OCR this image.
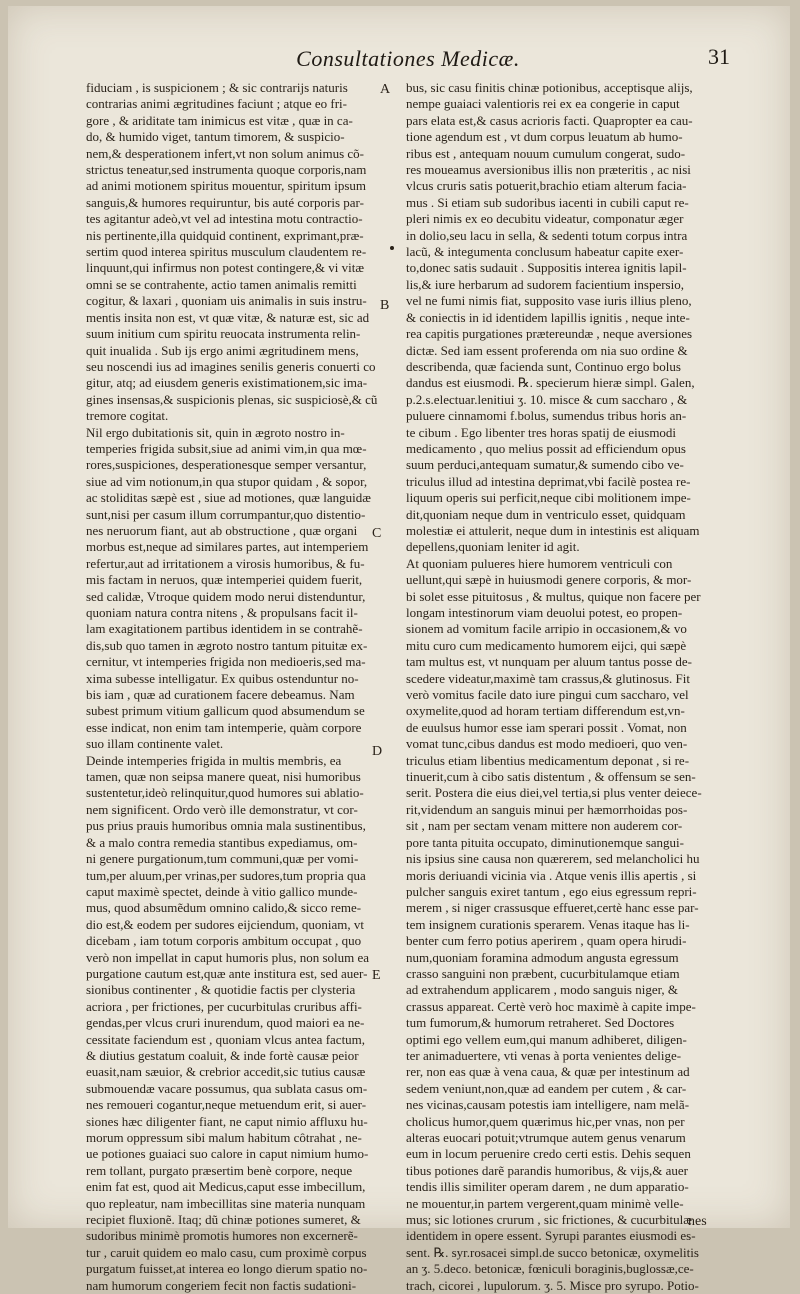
Consultationes Medicæ.	31
fiduciam , is suspicionem ; & sic contrarijs naturis
contrarias animi ægritudines faciunt ; atque eo fri-
gore , & ariditate tam inimicus est vitæ , quæ in ca-
do, & humido viget, tantum timorem, & suspicio-
nem,& desperationem infert,vt non solum animus cõ-
strictus teneatur,sed instrumenta quoque corporis,nam
ad animi motionem spiritus mouentur, spiritum ipsum
sanguis,& humores requiruntur, bis auté corporis par-
tes agitantur adeò,vt vel ad intestina motu contractio-
nis pertinente,illa quidquid continent, exprimant,præ-
sertim quod interea spiritus musculum claudentem re-
linquunt,qui infirmus non potest contingere,& vi vitæ
omni se se contrahente, actio tamen animalis remitti
cogitur, & laxari , quoniam uis animalis in suis instru-
mentis insita non est, vt quæ vitæ, & naturæ est, sic ad
suum initium cum spiritu reuocata instrumenta relin-
quit inualida . Sub ijs ergo animi ægritudinem mens,
seu noscendi ius ad imagines senilis generis conuerti co
gitur, atq; ad eiusdem generis existimationem,sic ima-
gines insensas,& suspicionis plenas, sic suspiciosè,& cũ
tremore cogitat.
Nil ergo dubitationis sit, quin in ægroto nostro in-
temperies frigida subsit,siue ad animi vim,in qua mœ-
rores,suspiciones, desperationesque semper versantur,
siue ad vim notionum,in qua stupor quidam , & sopor,
ac stoliditas sæpè est , siue ad motiones, quæ languidæ
sunt,nisi per casum illum corrumpantur,quo distentio-
nes neruorum fiant, aut ab obstructione , quæ organi
morbus est,neque ad similares partes, aut intemperiem
refertur,aut ad irritationem a virosis humoribus, & fu-
mis factam in neruos, quæ intemperiei quidem fuerit,
sed calidæ, Vtroque quidem modo nerui distenduntur,
quoniam natura contra nitens , & propulsans facit il-
lam exagitationem partibus identidem in se contrahẽ-
dis,sub quo tamen in ægroto nostro tantum pituitæ ex-
cernitur, vt intemperies frigida non medioeris,sed ma-
xima subesse intelligatur. Ex quibus ostenduntur no-
bis iam , quæ ad curationem facere debeamus. Nam
subest primum vitium gallicum quod absumendum se
esse indicat, non enim tam intemperie, quàm corpore
suo illam continente valet.
Deinde intemperies frigida in multis membris, ea
tamen, quæ non seipsa manere queat, nisi humoribus
sustentetur,ideò relinquitur,quod humores sui ablatio-
nem significent. Ordo verò ille demonstratur, vt cor-
pus prius prauis humoribus omnia mala sustinentibus,
& a malo contra remedia stantibus expediamus, om-
ni genere purgationum,tum communi,quæ per vomi-
tum,per aluum,per vrinas,per sudores,tum propria qua
caput maximè spectet, deinde à vitio gallico munde-
mus, quod absumẽdum omnino calido,& sicco reme-
dio est,& eodem per sudores eijciendum, quoniam, vt
dicebam , iam totum corporis ambitum occupat , quo
verò non impellat in caput humoris plus, non solum ea
purgatione cautum est,quæ ante institura est, sed auer-
sionibus continenter , & quotidie factis per clysteria
acriora , per frictiones, per cucurbitulas cruribus affi-
gendas,per vlcus cruri inurendum, quod maiori ea ne-
cessitate faciendum est , quoniam vlcus antea factum,
& diutius gestatum coaluit, & inde fortè causæ peior
euasit,nam sæuior, & crebrior accedit,sic tutius causæ
submouendæ vacare possumus, qua sublata casus om-
nes remoueri cogantur,neque metuendum erit, si auer-
siones hæc diligenter fiant, ne caput nimio affluxu hu-
morum oppressum sibi malum habitum côtrahat , ne-
ue potiones guaiaci suo calore in caput nimium humo-
rem tollant, purgato præsertim benè corpore, neque
enim fat est, quod ait Medicus,caput esse imbecillum,
quo repleatur, nam imbecillitas sine materia nunquam
recipiet fluxionẽ. Itaq; dũ chinæ potiones sumeret, &
sudoribus minimè promotis humores non excernerẽ-
tur , caruit quidem eo malo casu, cum proximè corpus
purgatum fuisset,at interea eo longo dierum spatio no-
nam humorum congeriem fecit non factis sudationi-
bus, sic casu finitis chinæ potionibus, acceptisque alijs,
nempe guaiaci valentioris rei ex ea congerie in caput
pars elata est,& casus acrioris facti. Quapropter ea cau-
tione agendum est , vt dum corpus leuatum ab humo-
ribus est , antequam nouum cumulum congerat, sudo-
res moueamus aversionibus illis non præteritis , ac nisi
vlcus cruris satis potuerit,brachio etiam alterum facia-
mus . Si etiam sub sudoribus iacenti in cubili caput re-
pleri nimis ex eo decubitu videatur, componatur æger
in dolio,seu lacu in sella, & sedenti totum corpus intra
lacũ, & integumenta conclusum habeatur capite exer-
to,donec satis sudauit . Suppositis interea ignitis lapil-
lis,& iure herbarum ad sudorem facientium inspersio,
vel ne fumi nimis fiat, supposito vase iuris illius pleno,
& coniectis in id identidem lapillis ignitis , neque inte-
rea capitis purgationes prætereundæ , neque aversiones
dictæ. Sed iam essent proferenda om nia suo ordine &
describenda, quæ facienda sunt, Continuo ergo bolus
dandus est eiusmodi. ℞. specierum hieræ simpl. Galen,
p.2.s.electuar.lenitiui ʒ. 10. misce & cum saccharo , &
puluere cinnamomi f.bolus, sumendus tribus horis an-
te cibum . Ego libenter tres horas spatij de eiusmodi
medicamento , quo melius possit ad efficiendum opus
suum perduci,antequam sumatur,& sumendo cibo ve-
triculus illud ad intestina deprimat,vbi facilè postea re-
liquum operis sui perficit,neque cibi molitionem impe-
dit,quoniam neque dum in ventriculo esset, quidquam
molestiæ ei attulerit, neque dum in intestinis est aliquam
depellens,quoniam leniter id agit.
At quoniam pulueres hiere humorem ventriculi con
uellunt,qui sæpè in huiusmodi genere corporis, & mor-
bi solet esse pituitosus , & multus, quique non facere per
longam intestinorum viam deuolui potest, eo propen-
sionem ad vomitum facile arripio in occasionem,& vo
mitu curo cum medicamento humorem eijci, qui sæpè
tam multus est, vt nunquam per aluum tantus posse de-
scedere videatur,maximè tam crassus,& glutinosus. Fit
verò vomitus facile dato iure pingui cum saccharo, vel
oxymelite,quod ad horam tertiam differendum est,vn-
de euulsus humor esse iam sperari possit . Vomat, non
vomat tunc,cibus dandus est modo medioeri, quo ven-
triculus etiam libentius medicamentum deponat , si re-
tinuerit,cum à cibo satis distentum , & offensum se sen-
serit. Postera die eius diei,vel tertia,si plus venter deiece-
rit,videndum an sanguis minui per hæmorrhoidas pos-
sit , nam per sectam venam mittere non auderem cor-
pore tanta pituita occupato, diminutionemque sangui-
nis ipsius sine causa non quærerem, sed melancholici hu
moris deriuandi vicinia via . Atque venis illis apertis , si
pulcher sanguis exiret tantum , ego eius egressum repri-
merem , si niger crassusque effueret,certè hanc esse par-
tem insignem curationis sperarem. Venas itaque has li-
benter cum ferro potius aperirem , quam opera hirudi-
num,quoniam foramina admodum angusta egressum
crasso sanguini non præbent, cucurbitulamque etiam
ad extrahendum applicarem , modo sanguis niger, &
crassus appareat. Certè verò hoc maximè à capite impe-
tum fumorum,& humorum retraheret. Sed Doctores
optimi ego vellem eum,qui manum adhiberet, diligen-
ter animaduertere, vti venas à porta venientes delige-
rer, non eas quæ à vena caua, & quæ per intestinum ad
sedem veniunt,non,quæ ad eandem per cutem , & car-
nes vicinas,causam potestis iam intelligere, nam melã-
cholicus humor,quem quærimus hic,per vnas, non per
alteras euocari potuit;vtrumque autem genus venarum
eum in locum peruenire credo certi estis. Dehis sequen
tibus potiones darẽ parandis humoribus, & vijs,& auer
tendis illis similiter operam darem , ne dum apparatio-
ne mouentur,in partem vergerent,quam minimè velle-
mus; sic lotiones crurum , sic frictiones, & cucurbitulæ
identidem in opere essent. Syrupi parantes eiusmodi es-
sent. ℞. syr.rosacei simpl.de succo betonicæ, oxymelitis
an ʒ. 5.deco. betonicæ, fœniculi boraginis,buglossæ,ce-
trach, cicorei , lupulorum. ʒ. 5. Misce pro syrupo. Potio-
A
B
C
D
E
nes
